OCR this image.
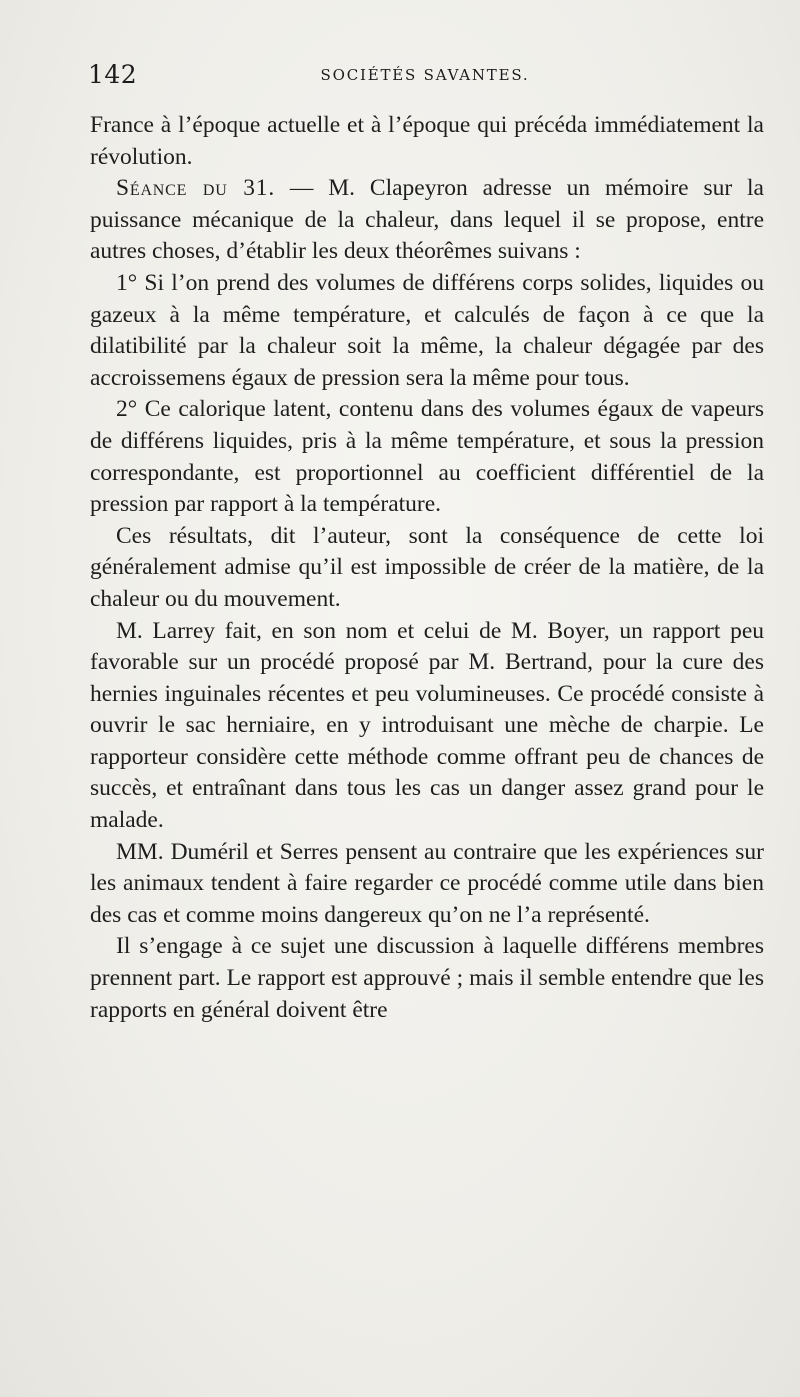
142	SOCIÉTÉS SAVANTES.

France à l’époque actuelle et à l’époque qui précéda immédiatement la révolution.

Séance du 31. — M. Clapeyron adresse un mémoire sur la puissance mécanique de la chaleur, dans lequel il se propose, entre autres choses, d’établir les deux théorêmes suivans :

1° Si l’on prend des volumes de différens corps solides, liquides ou gazeux à la même température, et calculés de façon à ce que la dilatibilité par la chaleur soit la même, la chaleur dégagée par des accroissemens égaux de pression sera la même pour tous.

2° Ce calorique latent, contenu dans des volumes égaux de vapeurs de différens liquides, pris à la même température, et sous la pression correspondante, est proportionnel au coefficient différentiel de la pression par rapport à la température.

Ces résultats, dit l’auteur, sont la conséquence de cette loi généralement admise qu’il est impossible de créer de la matière, de la chaleur ou du mouvement.

M. Larrey fait, en son nom et celui de M. Boyer, un rapport peu favorable sur un procédé proposé par M. Bertrand, pour la cure des hernies inguinales récentes et peu volumineuses. Ce procédé consiste à ouvrir le sac herniaire, en y introduisant une mèche de charpie. Le rapporteur considère cette méthode comme offrant peu de chances de succès, et entraînant dans tous les cas un danger assez grand pour le malade.

MM. Duméril et Serres pensent au contraire que les expériences sur les animaux tendent à faire regarder ce procédé comme utile dans bien des cas et comme moins dangereux qu’on ne l’a représenté.

Il s’engage à ce sujet une discussion à laquelle différens membres prennent part. Le rapport est approuvé ; mais il semble entendre que les rapports en général doivent être
